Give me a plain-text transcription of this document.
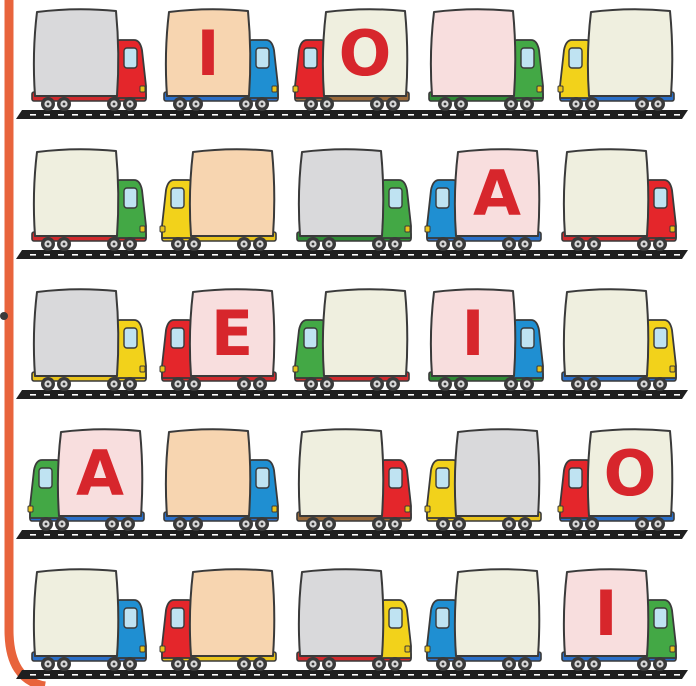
I O
A
E	I
A	O
I
